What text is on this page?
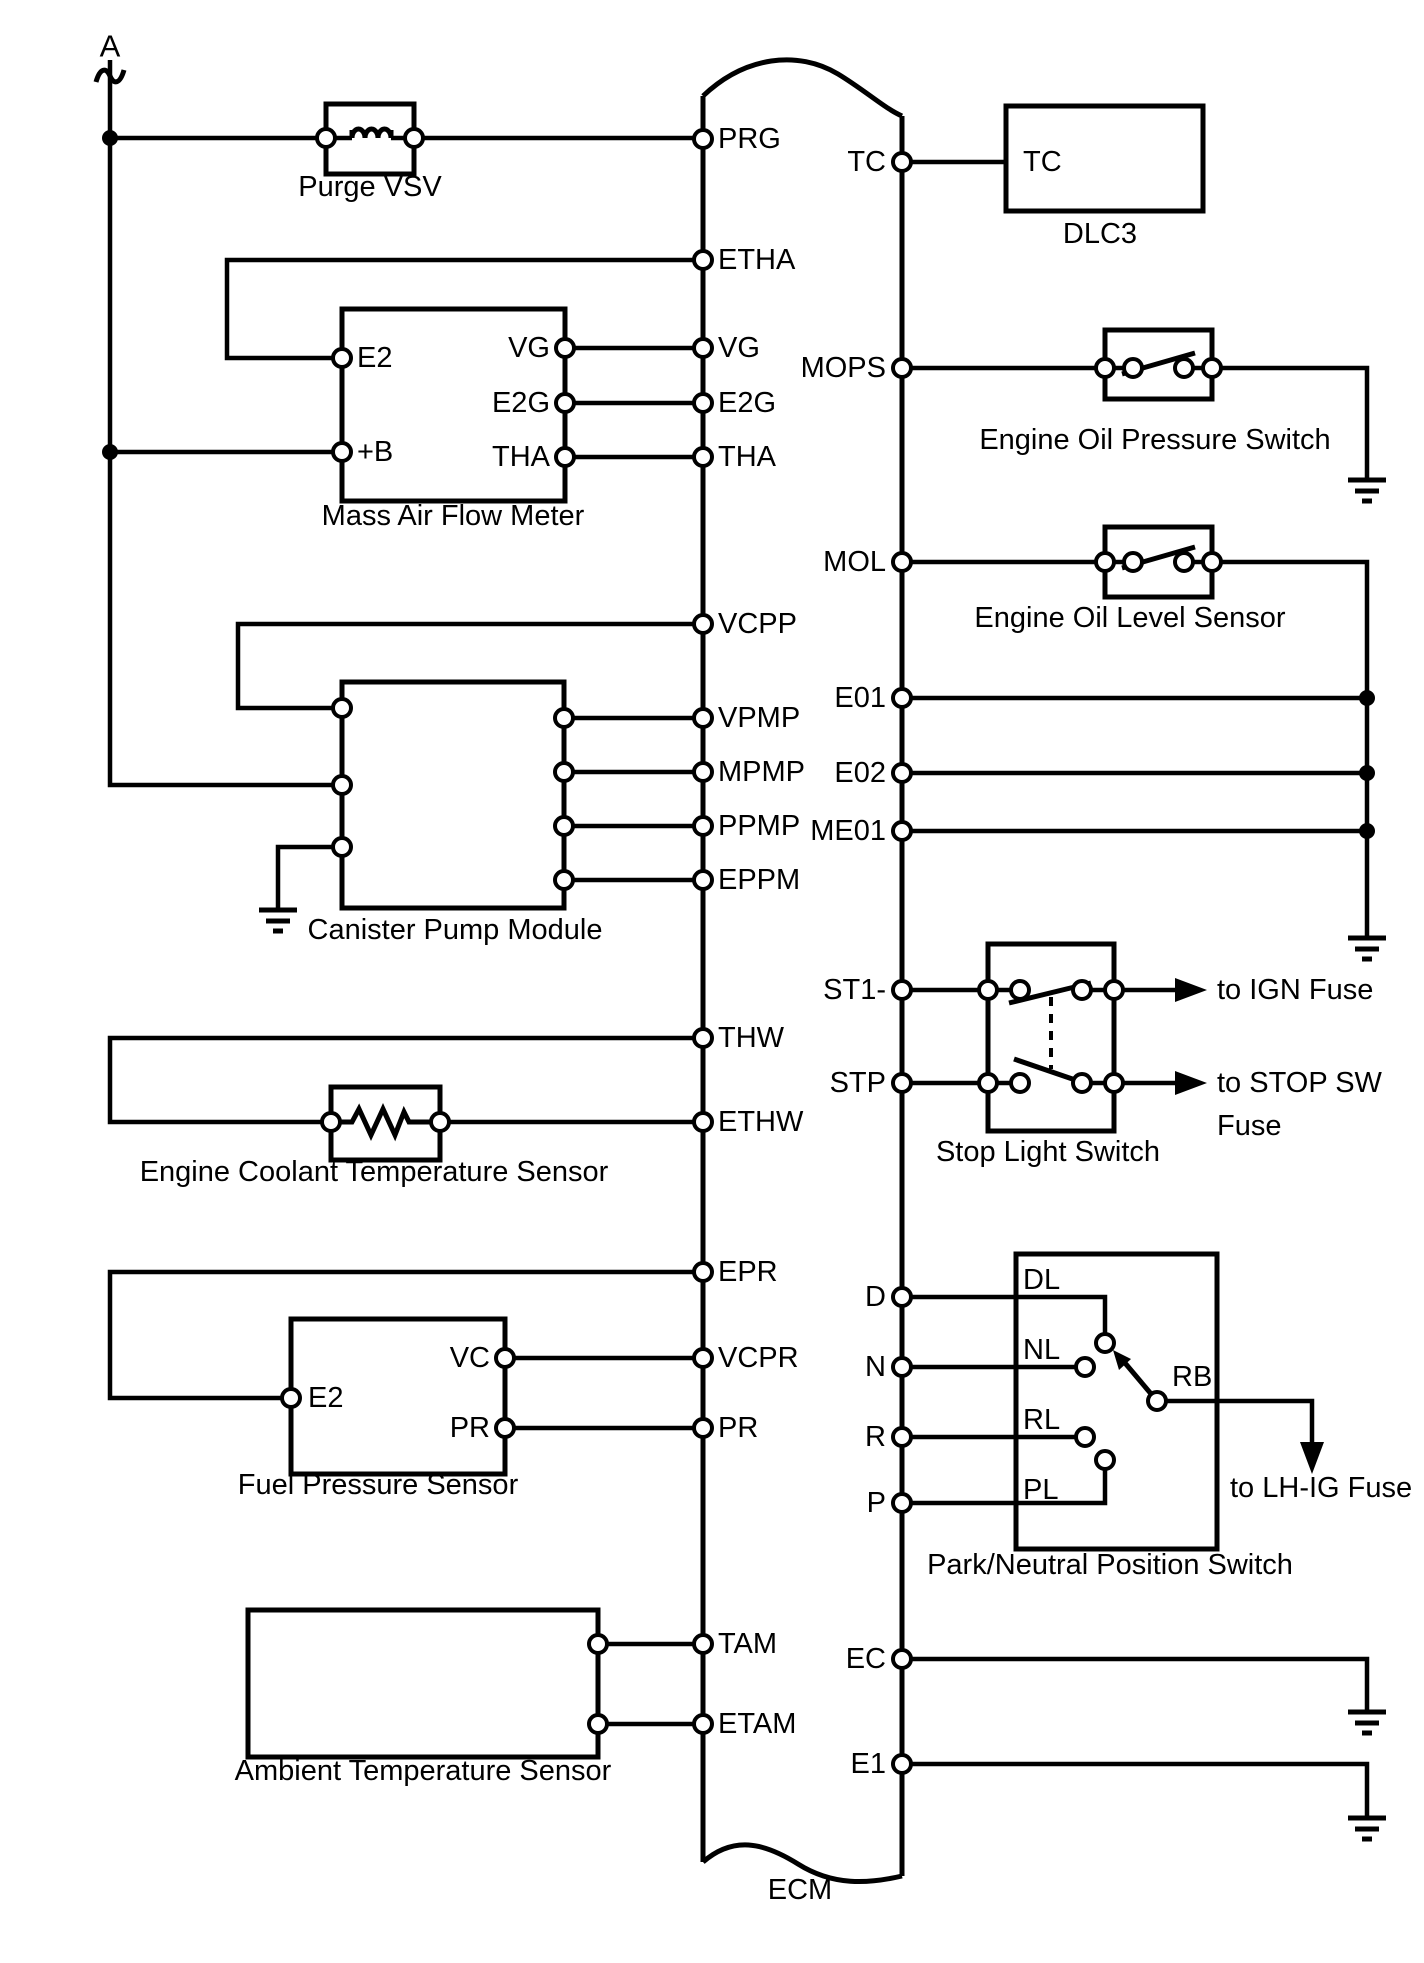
A
Purge VSV
Mass Air Flow Meter
E2
+B
VG
E2G
THA
Canister Pump Module
Engine Coolant Temperature Sensor
Fuel Pressure Sensor
E2
VC
PR
Ambient Temperature Sensor
ECM
DLC3
TC
Engine Oil Pressure Switch
Engine Oil Level Sensor
Stop Light Switch
to IGN Fuse
to STOP SW
Fuse
Park/Neutral Position Switch
DL
NL
RL
PL
RB
to LH-IG Fuse
PRG
ETHA
VG
E2G
THA
VCPP
VPMP
MPMP
PPMP
EPPM
THW
ETHW
EPR
VCPR
PR
TAM
ETAM
TC
MOPS
MOL
E01
E02
ME01
ST1-
STP
D
N
R
P
EC
E1
